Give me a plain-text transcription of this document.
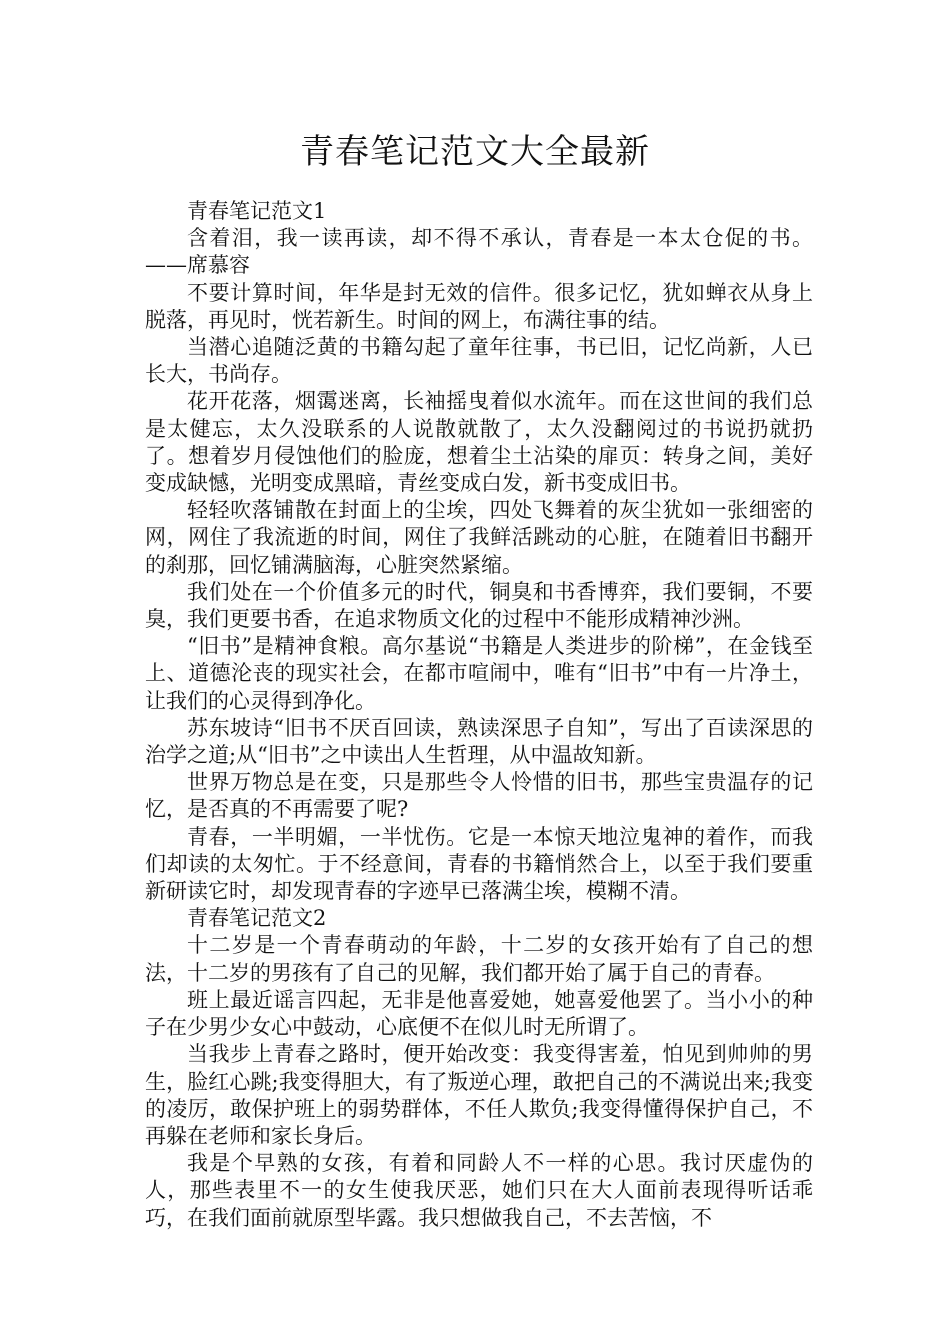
青春笔记范文大全最新

青春笔记范文1

含着泪，我一读再读，却不得不承认，青春是一本太仓促的书。——席慕容

不要计算时间，年华是封无效的信件。很多记忆，犹如蝉衣从身上脱落，再见时，恍若新生。时间的网上，布满往事的结。

当潜心追随泛黄的书籍勾起了童年往事，书已旧，记忆尚新，人已长大，书尚存。

花开花落，烟霭迷离，长袖摇曳着似水流年。而在这世间的我们总是太健忘，太久没联系的人说散就散了，太久没翻阅过的书说扔就扔了。想着岁月侵蚀他们的脸庞，想着尘土沾染的扉页：转身之间，美好变成缺憾，光明变成黑暗，青丝变成白发，新书变成旧书。

轻轻吹落铺散在封面上的尘埃，四处飞舞着的灰尘犹如一张细密的网，网住了我流逝的时间，网住了我鲜活跳动的心脏，在随着旧书翻开的刹那，回忆铺满脑海，心脏突然紧缩。

我们处在一个价值多元的时代，铜臭和书香博弈，我们要铜，不要臭，我们更要书香，在追求物质文化的过程中不能形成精神沙洲。

“旧书”是精神食粮。高尔基说“书籍是人类进步的阶梯”，在金钱至上、道德沦丧的现实社会，在都市喧闹中，唯有“旧书”中有一片净土，让我们的心灵得到净化。

苏东坡诗“旧书不厌百回读，熟读深思子自知”，写出了百读深思的治学之道;从“旧书”之中读出人生哲理，从中温故知新。

世界万物总是在变，只是那些令人怜惜的旧书，那些宝贵温存的记忆，是否真的不再需要了呢?

青春，一半明媚，一半忧伤。它是一本惊天地泣鬼神的着作，而我们却读的太匆忙。于不经意间，青春的书籍悄然合上，以至于我们要重新研读它时，却发现青春的字迹早已落满尘埃，模糊不清。

青春笔记范文2

十二岁是一个青春萌动的年龄，十二岁的女孩开始有了自己的想法，十二岁的男孩有了自己的见解，我们都开始了属于自己的青春。

班上最近谣言四起，无非是他喜爱她，她喜爱他罢了。当小小的种子在少男少女心中鼓动，心底便不在似儿时无所谓了。

当我步上青春之路时，便开始改变：我变得害羞，怕见到帅帅的男生，脸红心跳;我变得胆大，有了叛逆心理，敢把自己的不满说出来;我变的凌厉，敢保护班上的弱势群体，不任人欺负;我变得懂得保护自己，不再躲在老师和家长身后。

我是个早熟的女孩，有着和同龄人不一样的心思。我讨厌虚伪的人，那些表里不一的女生使我厌恶，她们只在大人面前表现得听话乖巧，在我们面前就原型毕露。我只想做我自己，不去苦恼，不
